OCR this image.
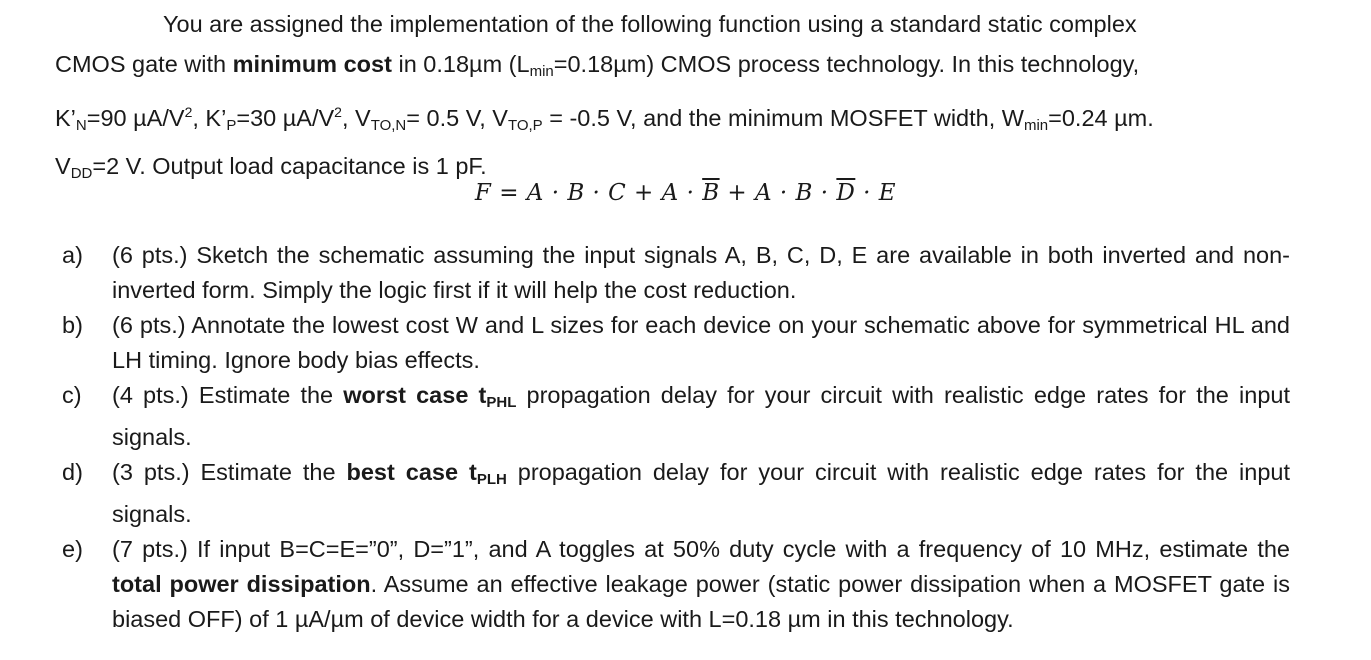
You are assigned the implementation of the following function using a standard static complex
CMOS gate with minimum cost in 0.18µm $(L_{min}=0.18\mu m)$ CMOS process technology. In this technology,
$K’_N=90$ $\mu A/V^2$, $K’_P=30$ $\mu A/V^2$, $V_{TO,N}= 0.5$ V, $V_{TO,P} = -0.5$ V, and the minimum MOSFET width, $W_{min}=0.24$ µm.
$V_{DD}=2$ V. Output load capacitance is 1 pF.
$F = A \cdot B \cdot C + A \cdot \overline{B} + A \cdot B \cdot \overline{D} \cdot E$
a)	(6 pts.) Sketch the schematic assuming the input signals A, B, C, D, E are available in both inverted and non-inverted form. Simply the logic first if it will help the cost reduction.
b)	(6 pts.) Annotate the lowest cost W and L sizes for each device on your schematic above for symmetrical HL and LH timing. Ignore body bias effects.
c)	(4 pts.) Estimate the worst case $t_{PHL}$ propagation delay for your circuit with realistic edge rates for the input signals.
d)	(3 pts.) Estimate the best case $t_{PLH}$ propagation delay for your circuit with realistic edge rates for the input signals.
e)	(7 pts.) If input B=C=E=”0”, D=”1”, and A toggles at 50% duty cycle with a frequency of 10 MHz, estimate the total power dissipation. Assume an effective leakage power (static power dissipation when a MOSFET gate is biased OFF) of 1 µA/µm of device width for a device with L=0.18 µm in this technology.
